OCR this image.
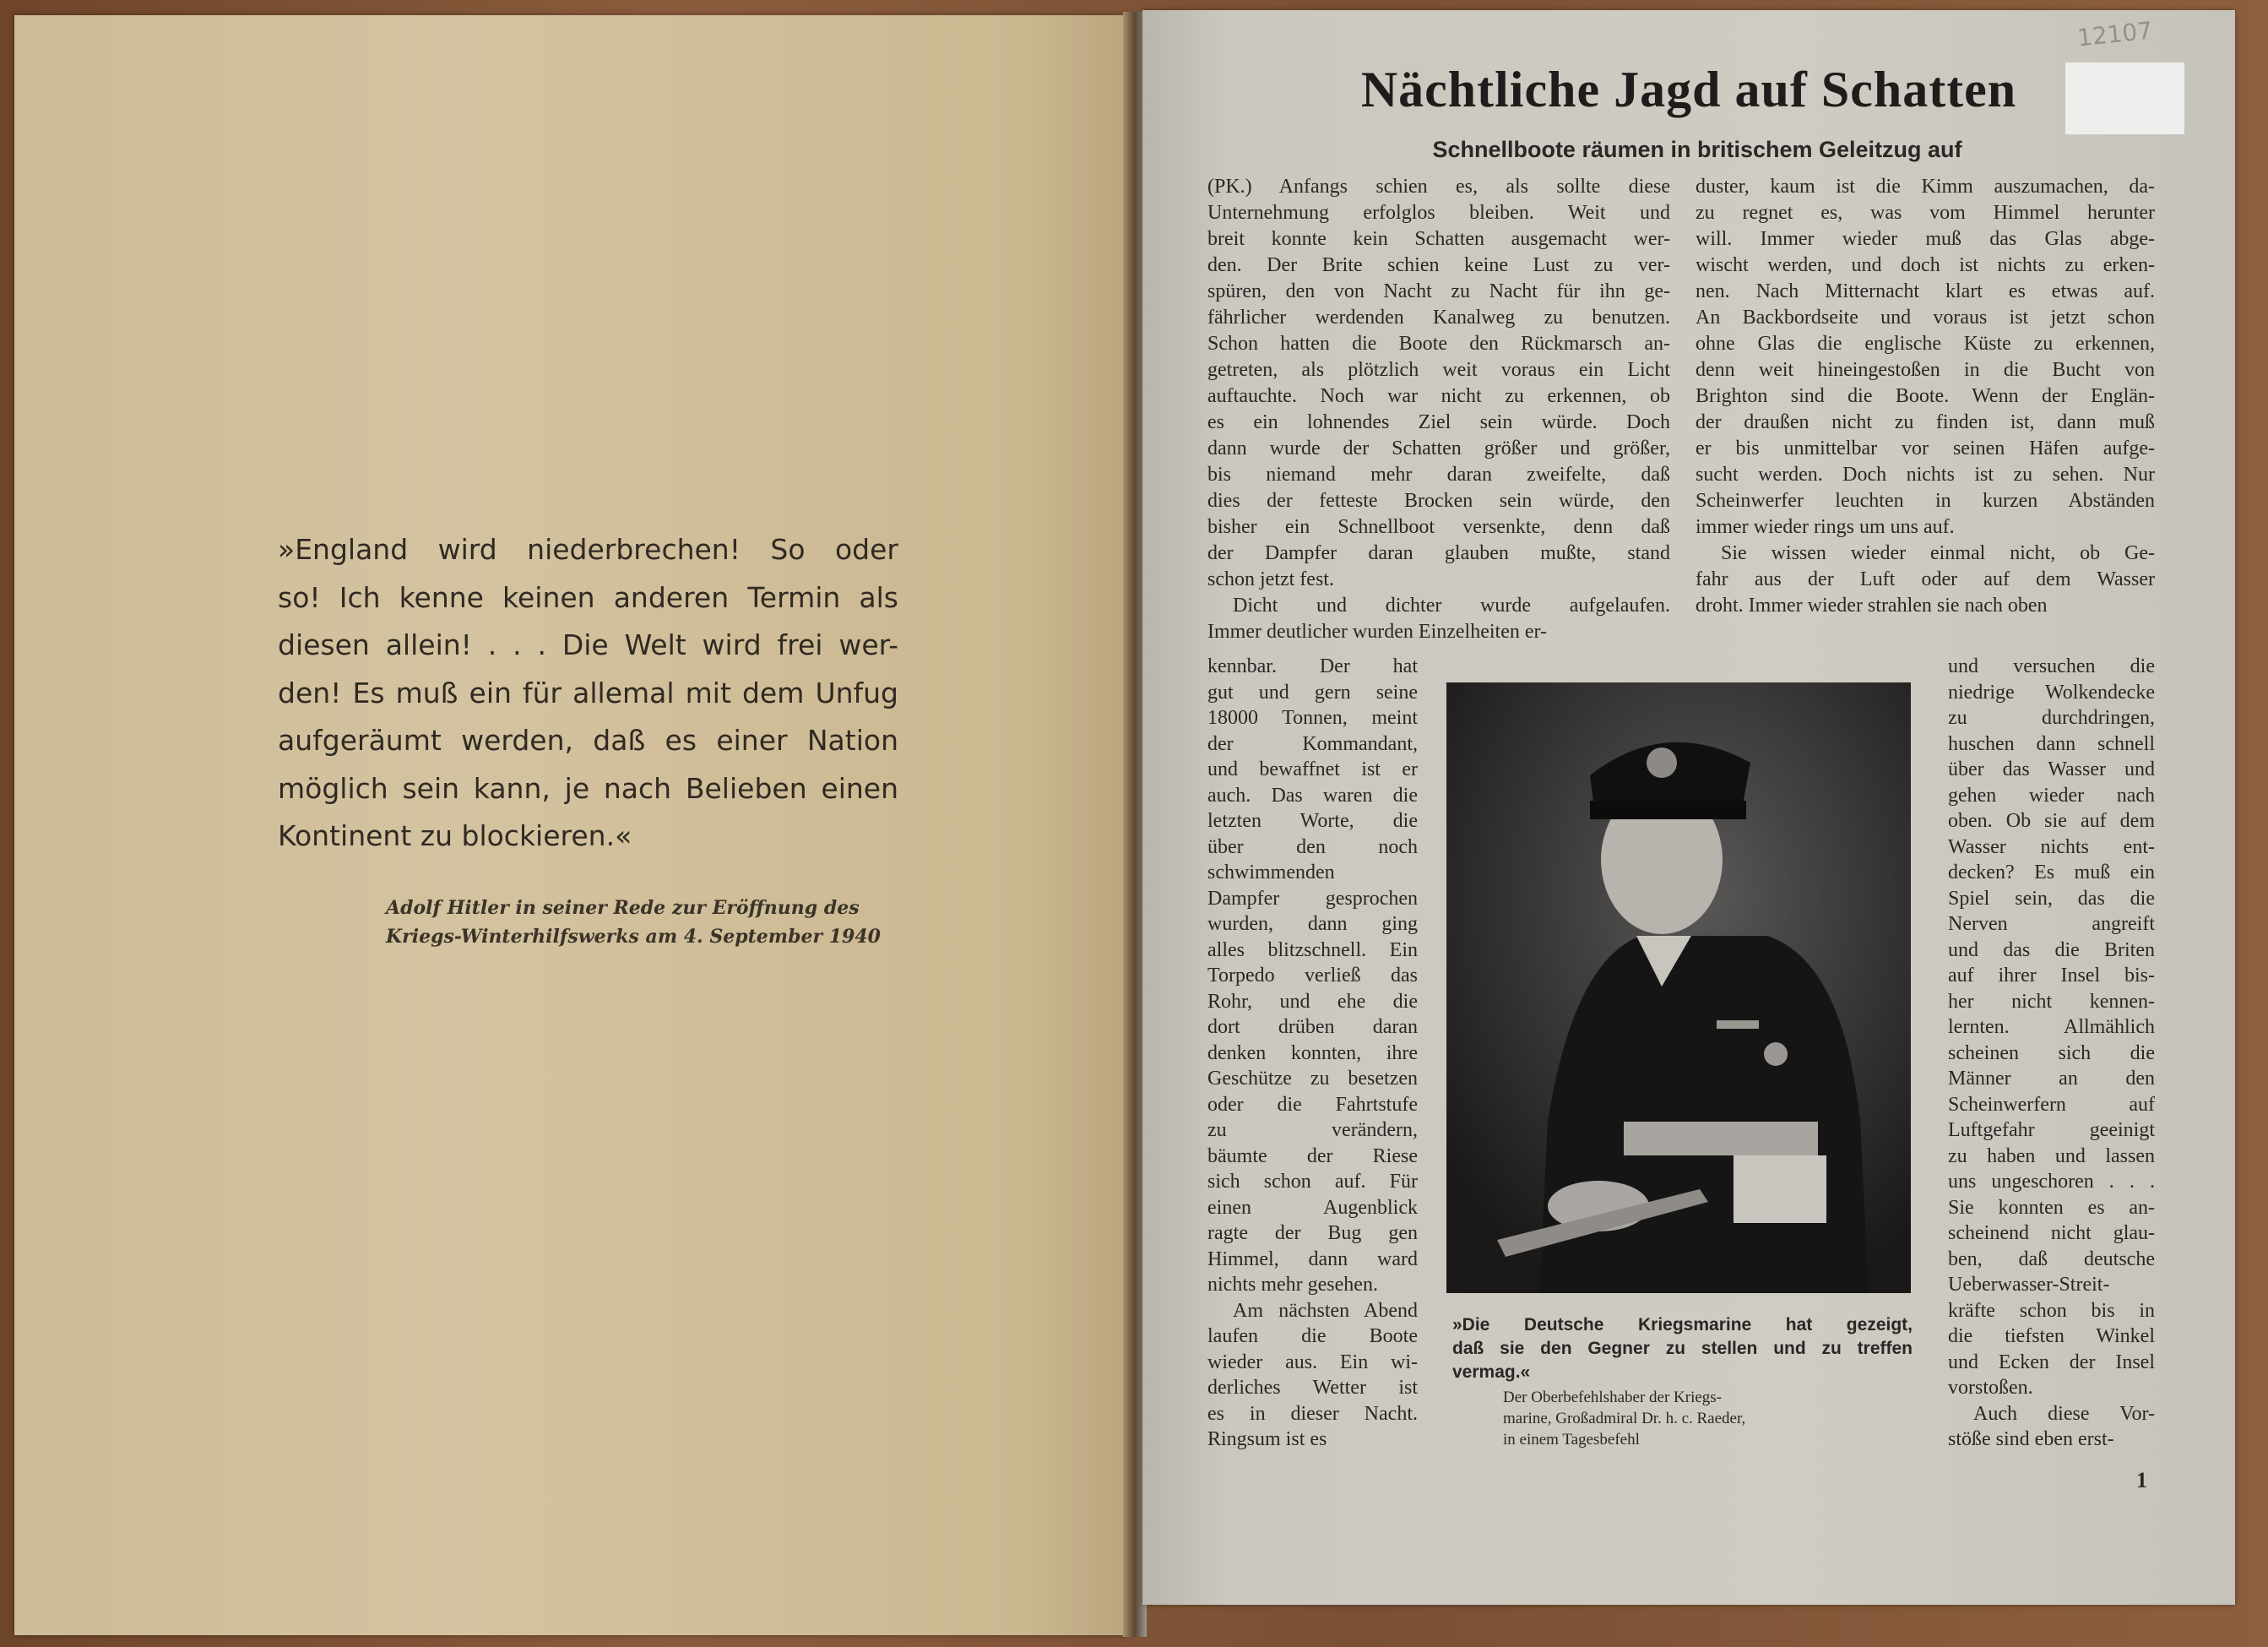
»England wird niederbrechen! So oder
so! Ich kenne keinen anderen Termin als
diesen allein! . . . Die Welt wird frei wer-
den! Es muß ein für allemal mit dem Unfug
aufgeräumt werden, daß es einer Nation
möglich sein kann, je nach Belieben einen
Kontinent zu blockieren.«
Adolf Hitler in seiner Rede zur Eröffnung des
Kriegs-Winterhilfswerks am 4. September 1940
12107
Nächtliche Jagd auf Schatten
Schnellboote räumen in britischem Geleitzug auf
(PK.) Anfangs schien es, als sollte diese
Unternehmung erfolglos bleiben. Weit und
breit konnte kein Schatten ausgemacht wer-
den. Der Brite schien keine Lust zu ver-
spüren, den von Nacht zu Nacht für ihn ge-
fährlicher werdenden Kanalweg zu benutzen.
Schon hatten die Boote den Rückmarsch an-
getreten, als plötzlich weit voraus ein Licht
auftauchte. Noch war nicht zu erkennen, ob
es ein lohnendes Ziel sein würde. Doch
dann wurde der Schatten größer und größer,
bis niemand mehr daran zweifelte, daß
dies der fetteste Brocken sein würde, den
bisher ein Schnellboot versenkte, denn daß
der Dampfer daran glauben mußte, stand
schon jetzt fest.
Dicht und dichter wurde aufgelaufen.
Immer deutlicher wurden Einzelheiten er-
duster, kaum ist die Kimm auszumachen, da-
zu regnet es, was vom Himmel herunter
will. Immer wieder muß das Glas abge-
wischt werden, und doch ist nichts zu erken-
nen. Nach Mitternacht klart es etwas auf.
An Backbordseite und voraus ist jetzt schon
ohne Glas die englische Küste zu erkennen,
denn weit hineingestoßen in die Bucht von
Brighton sind die Boote. Wenn der Englän-
der draußen nicht zu finden ist, dann muß
er bis unmittelbar vor seinen Häfen aufge-
sucht werden. Doch nichts ist zu sehen. Nur
Scheinwerfer leuchten in kurzen Abständen
immer wieder rings um uns auf.
Sie wissen wieder einmal nicht, ob Ge-
fahr aus der Luft oder auf dem Wasser
droht. Immer wieder strahlen sie nach oben
kennbar. Der hat
gut und gern seine
18000 Tonnen, meint
der Kommandant,
und bewaffnet ist er
auch. Das waren die
letzten Worte, die
über den noch
schwimmenden
Dampfer gesprochen
wurden, dann ging
alles blitzschnell. Ein
Torpedo verließ das
Rohr, und ehe die
dort drüben daran
denken konnten, ihre
Geschütze zu besetzen
oder die Fahrtstufe
zu verändern,
bäumte der Riese
sich schon auf. Für
einen Augenblick
ragte der Bug gen
Himmel, dann ward
nichts mehr gesehen.
Am nächsten Abend
laufen die Boote
wieder aus. Ein wi-
derliches Wetter ist
es in dieser Nacht.
Ringsum ist es
und versuchen die
niedrige Wolkendecke
zu durchdringen,
huschen dann schnell
über das Wasser und
gehen wieder nach
oben. Ob sie auf dem
Wasser nichts ent-
decken? Es muß ein
Spiel sein, das die
Nerven angreift
und das die Briten
auf ihrer Insel bis-
her nicht kennen-
lernten. Allmählich
scheinen sich die
Männer an den
Scheinwerfern auf
Luftgefahr geeinigt
zu haben und lassen
uns ungeschoren . . .
Sie konnten es an-
scheinend nicht glau-
ben, daß deutsche
Ueberwasser-Streit-
kräfte schon bis in
die tiefsten Winkel
und Ecken der Insel
vorstoßen.
Auch diese Vor-
stöße sind eben erst-
»Die Deutsche Kriegsmarine hat gezeigt,
daß sie den Gegner zu stellen und zu treffen
vermag.«
Der Oberbefehlshaber der Kriegs-
marine, Großadmiral Dr. h. c. Raeder,
in einem Tagesbefehl
1
